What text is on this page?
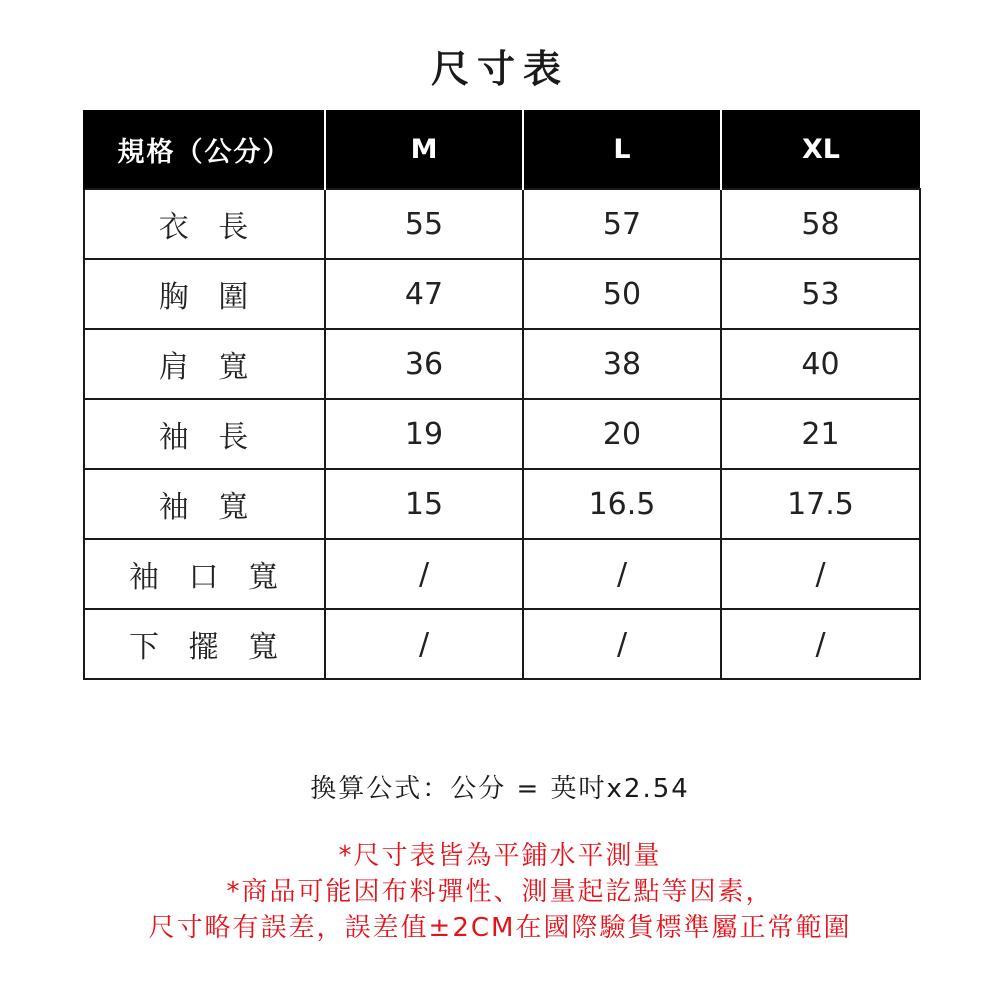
尺寸表
規格（公分）	M	L	XL
衣 長	55	57	58
胸 圍	47	50	53
肩 寬	36	38	40
袖 長	19	20	21
袖 寬	15	16.5	17.5
袖 口 寬	/	/	/
下 擺 寬	/	/	/
換算公式：公分 = 英吋x2.54
*尺寸表皆為平鋪水平測量
*商品可能因布料彈性、測量起訖點等因素，
尺寸略有誤差，誤差值±2CM在國際驗貨標準屬正常範圍
